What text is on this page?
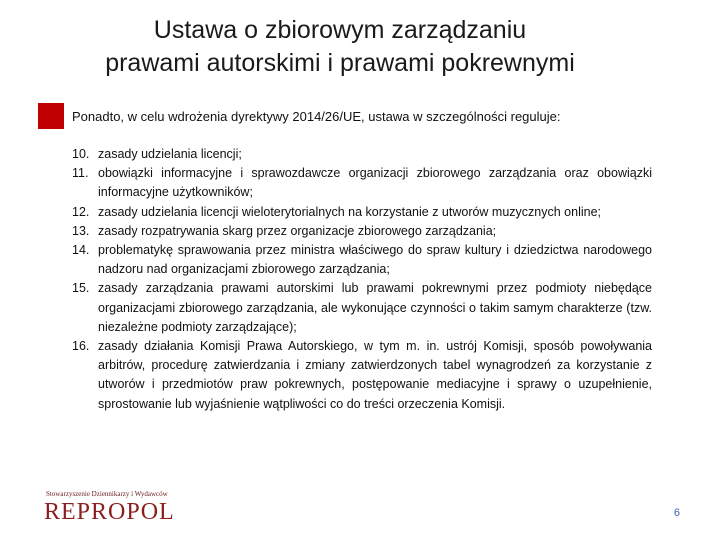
Ustawa o zbiorowym zarządzaniu
prawami autorskimi i prawami pokrewnymi
Ponadto, w celu wdrożenia dyrektywy 2014/26/UE, ustawa w szczególności reguluje:
10. zasady udzielania licencji;
11. obowiązki informacyjne i sprawozdawcze organizacji zbiorowego zarządzania oraz obowiązki informacyjne użytkowników;
12. zasady udzielania licencji wieloterytorialnych na korzystanie z utworów muzycznych online;
13. zasady rozpatrywania skarg przez organizacje zbiorowego zarządzania;
14. problematykę sprawowania przez ministra właściwego do spraw kultury i dziedzictwa narodowego nadzoru nad organizacjami zbiorowego zarządzania;
15. zasady zarządzania prawami autorskimi lub prawami pokrewnymi przez podmioty niebędące organizacjami zbiorowego zarządzania, ale wykonujące czynności o takim samym charakterze (tzw. niezależne podmioty zarządzające);
16. zasady działania Komisji Prawa Autorskiego, w tym m. in. ustrój Komisji, sposób powoływania arbitrów, procedurę zatwierdzania i zmiany zatwierdzonych tabel wynagrodzeń za korzystanie z utworów i przedmiotów praw pokrewnych, postępowanie mediacyjne i sprawy o uzupełnienie, sprostowanie lub wyjaśnienie wątpliwości co do treści orzeczenia Komisji.
Stowarzyszenie Dziennikarzy i Wydawców
REPROPOL	6
